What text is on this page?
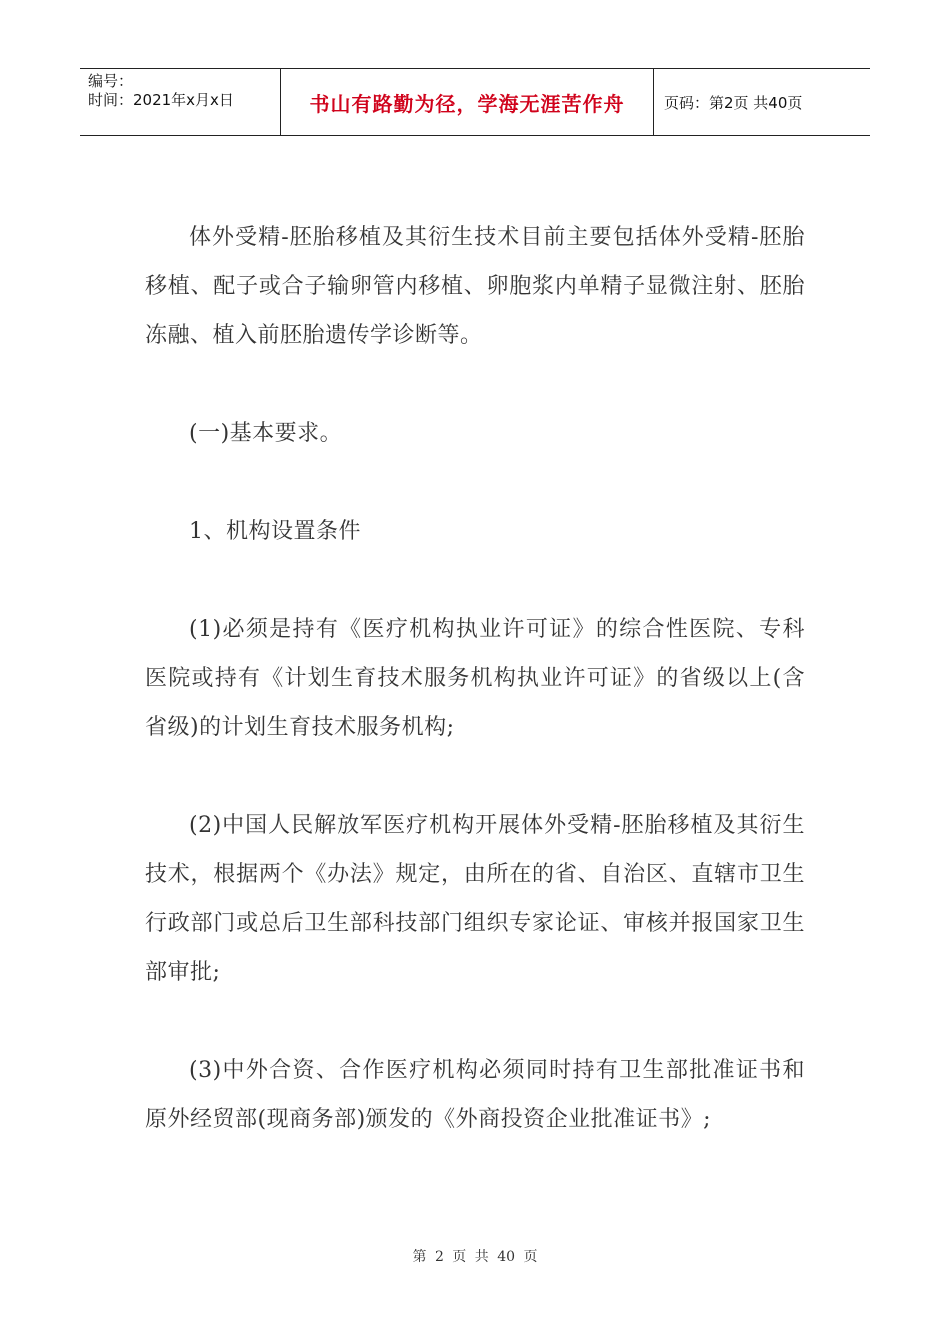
编号：
时间：2021年x月x日	书山有路勤为径，学海无涯苦作舟	页码：第2页 共40页

体外受精-胚胎移植及其衍生技术目前主要包括体外受精-胚胎移植、配子或合子输卵管内移植、卵胞浆内单精子显微注射、胚胎冻融、植入前胚胎遗传学诊断等。

(一)基本要求。

1、机构设置条件

(1)必须是持有《医疗机构执业许可证》的综合性医院、专科医院或持有《计划生育技术服务机构执业许可证》的省级以上(含省级)的计划生育技术服务机构;

(2)中国人民解放军医疗机构开展体外受精-胚胎移植及其衍生技术，根据两个《办法》规定，由所在的省、自治区、直辖市卫生行政部门或总后卫生部科技部门组织专家论证、审核并报国家卫生部审批;

(3)中外合资、合作医疗机构必须同时持有卫生部批准证书和原外经贸部(现商务部)颁发的《外商投资企业批准证书》;

第 2 页 共 40 页
